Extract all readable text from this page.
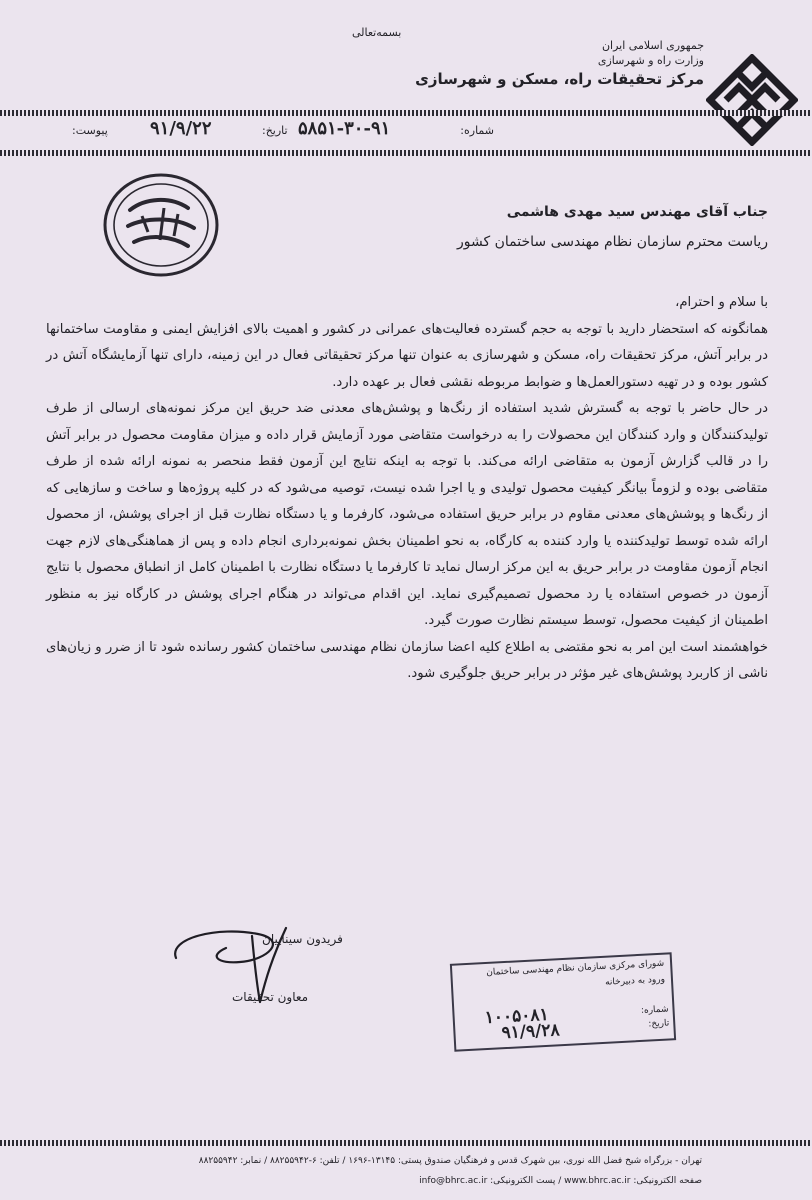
بسمه‌تعالی
جمهوری اسلامی ایران
وزارت راه و شهرسازی
مرکز تحقیقات راه، مسکن و شهرسازی
شماره:
۵۸۵۱-۳۰-۹۱
تاریخ:
۹۱/۹/۲۲
پیوست:
جناب آقای مهندس سید مهدی هاشمی
ریاست محترم سازمان نظام مهندسی ساختمان کشور

با سلام و احترام،

همانگونه که استحضار دارید با توجه به حجم گسترده فعالیت‌های عمرانی در کشور و اهمیت بالای افزایش ایمنی و مقاومت ساختمانها در برابر آتش، مرکز تحقیقات راه، مسکن و شهرسازی به عنوان تنها مرکز تحقیقاتی فعال در این زمینه، دارای تنها آزمایشگاه آتش در کشور بوده و در تهیه دستورالعمل‌ها و ضوابط مربوطه نقشی فعال بر عهده دارد.

در حال حاضر با توجه به گسترش شدید استفاده از رنگ‌ها و پوشش‌های معدنی ضد حریق این مرکز نمونه‌های ارسالی از طرف تولیدکنندگان و وارد کنندگان این محصولات را به درخواست متقاضی مورد آزمایش قرار داده و میزان مقاومت محصول در برابر آتش را در قالب گزارش آزمون به متقاضی ارائه می‌کند. با توجه به اینکه نتایج این آزمون فقط منحصر به نمونه ارائه شده از طرف متقاضی بوده و لزوماً بیانگر کیفیت محصول تولیدی و یا اجرا شده نیست، توصیه می‌شود که در کلیه پروژه‌ها و ساخت و سازهایی که از رنگ‌ها و پوشش‌های معدنی مقاوم در برابر حریق استفاده می‌شود، کارفرما و یا دستگاه نظارت قبل از اجرای پوشش، از محصول ارائه شده توسط تولیدکننده یا وارد کننده به کارگاه، به نحو اطمینان بخش نمونه‌برداری انجام داده و پس از هماهنگی‌های لازم جهت انجام آزمون مقاومت در برابر حریق به این مرکز ارسال نماید تا کارفرما یا دستگاه نظارت با اطمینان کامل از انطباق محصول با نتایج آزمون در خصوص استفاده یا رد محصول تصمیم‌گیری نماید. این اقدام می‌تواند در هنگام اجرای پوشش در کارگاه نیز به منظور اطمینان از کیفیت محصول، توسط سیستم نظارت صورت گیرد.

خواهشمند است این امر به نحو مقتضی به اطلاع کلیه اعضا سازمان نظام مهندسی ساختمان کشور رسانده شود تا از ضرر و زیان‌های ناشی از کاربرد پوشش‌های غیر مؤثر در برابر حریق جلوگیری شود.

فریدون سیناییان
معاون تحقیقات
شورای مرکزی سازمان نظام مهندسی ساختمان
ورود به دبیرخانه
شماره:
تاریخ:
۱۰۰۵۰۸۱
۹۱/۹/۲۸
تهران - بزرگراه شیخ فضل الله نوری، بین شهرک قدس و فرهنگیان صندوق پستی: ۱۳۱۴۵-۱۶۹۶ / تلفن: ۶-۸۸۲۵۵۹۴۲ / نمابر: ۸۸۲۵۵۹۴۲
صفحه الکترونیکی: www.bhrc.ac.ir / پست الکترونیکی: info@bhrc.ac.ir
